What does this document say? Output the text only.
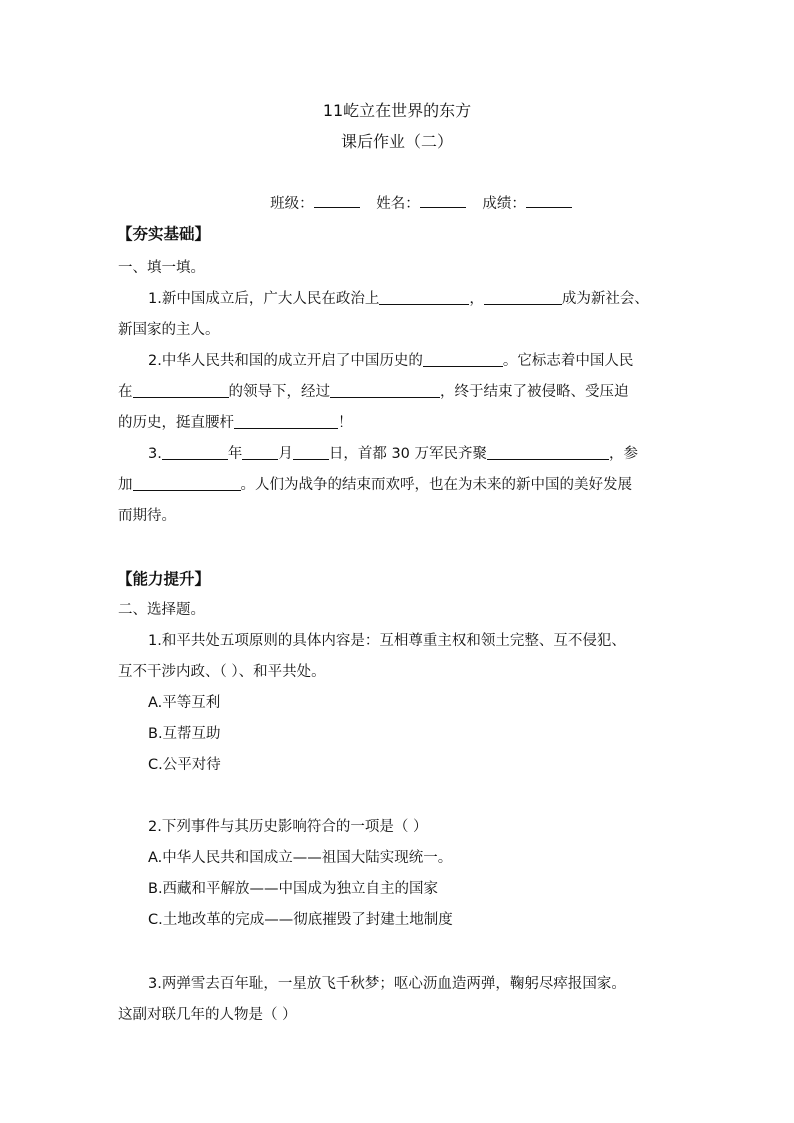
11屹立在世界的东方
课后作业（二）
班级：	姓名：	成绩：
【夯实基础】
一、填一填。
1.新中国成立后，广大人民在政治上	，	成为新社会、
新国家的主人。
2.中华人民共和国的成立开启了中国历史的	。它标志着中国人民
在	的领导下，经过	，终于结束了被侵略、受压迫
的历史，挺直腰杆	！
3.	年 月 日，首都 30 万军民齐聚	，参
加	。人们为战争的结束而欢呼，也在为未来的新中国的美好发展
而期待。
【能力提升】
二、选择题。
1.和平共处五项原则的具体内容是：互相尊重主权和领土完整、互不侵犯、
互不干涉内政、（ ）、和平共处。
A.平等互利
B.互帮互助
C.公平对待
2.下列事件与其历史影响符合的一项是（ ）
A.中华人民共和国成立——祖国大陆实现统一。
B.西藏和平解放——中国成为独立自主的国家
C.土地改革的完成——彻底摧毁了封建土地制度
3.两弹雪去百年耻，一星放飞千秋梦；呕心沥血造两弹，鞠躬尽瘁报国家。
这副对联几年的人物是（ ）
